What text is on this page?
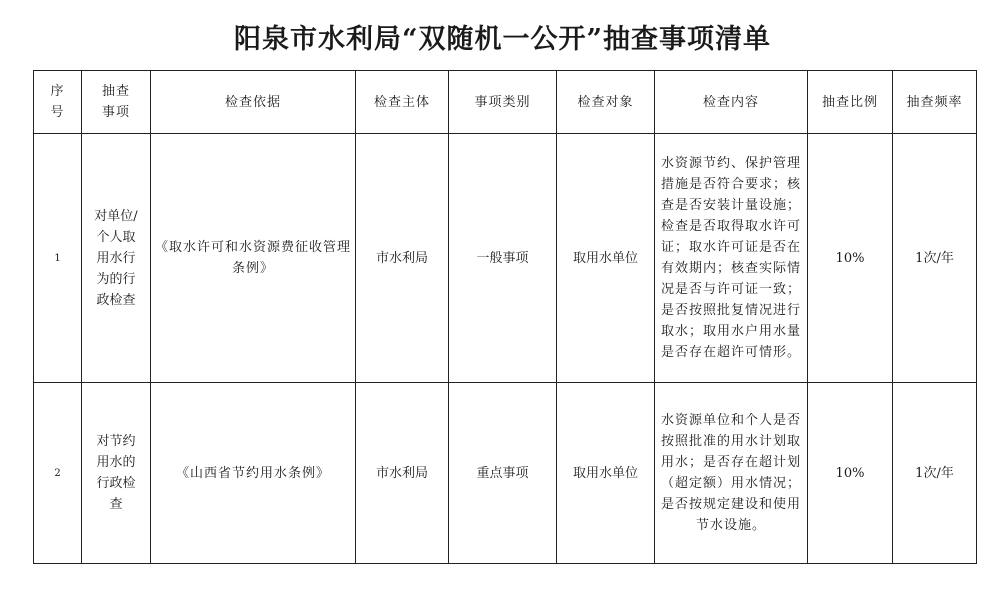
阳泉市水利局“双随机一公开”抽查事项清单
序号	抽查事项	检查依据	检查主体	事项类别	检查对象	检查内容	抽查比例	抽查频率
1	对单位/个人取用水行为的行政检查	《取水许可和水资源费征收管理条例》	市水利局	一般事项	取用水单位	水资源节约、保护管理措施是否符合要求；核查是否安装计量设施；检查是否取得取水许可证；取水许可证是否在有效期内；核查实际情况是否与许可证一致；是否按照批复情况进行取水；取用水户用水量是否存在超许可情形。	10%	1次/年
2	对节约用水的行政检查	《山西省节约用水条例》	市水利局	重点事项	取用水单位	水资源单位和个人是否按照批准的用水计划取用水；是否存在超计划（超定额）用水情况；是否按规定建设和使用节水设施。	10%	1次/年
